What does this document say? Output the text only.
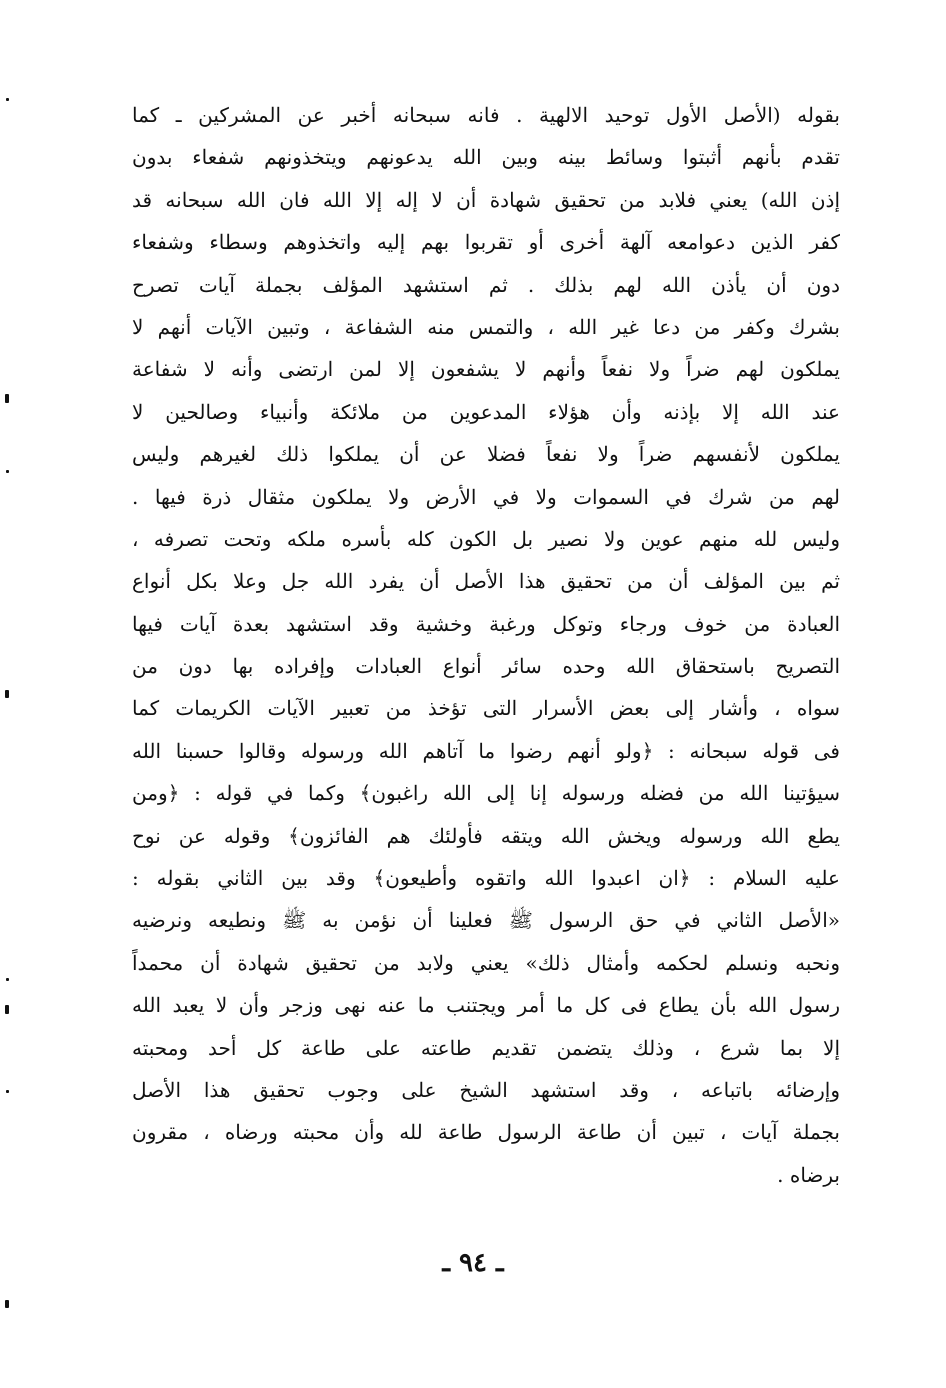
بقوله (الأصل الأول توحيد الالهية . فانه سبحانه أخبر عن المشركين ـ كما
تقدم بأنهم أثبتوا وسائط بينه وبين الله يدعونهم ويتخذونهم شفعاء بدون
إذن الله) يعني فلابد من تحقيق شهادة أن لا إله إلا الله فان الله سبحانه قد
كفر الذين دعوامعه آلهة أخرى أو تقربوا بهم إليه واتخذوهم وسطاء وشفعاء
دون أن يأذن الله لهم بذلك . ثم استشهد المؤلف بجملة آيات تصرح
بشرك وكفر من دعا غير الله ، والتمس منه الشفاعة ، وتبين الآيات أنهم لا
يملكون لهم ضراً ولا نفعاً وأنهم لا يشفعون إلا لمن ارتضى وأنه لا شفاعة
عند الله إلا بإذنه وأن هؤلاء المدعوين من ملائكة وأنبياء وصالحين لا
يملكون لأنفسهم ضراً ولا نفعاً فضلا عن أن يملكوا ذلك لغيرهم وليس
لهم من شرك في السموات ولا في الأرض ولا يملكون مثقال ذرة فيها .
وليس لله منهم عوين ولا نصير بل الكون كله بأسره ملكه وتحت تصرفه ،
ثم بين المؤلف أن من تحقيق هذا الأصل أن يفرد الله جل وعلا بكل أنواع
العبادة من خوف ورجاء وتوكل ورغبة وخشية وقد استشهد بعدة آيات فيها
التصريح باستحقاق الله وحده سائر أنواع العبادات وإفراده بها دون من
سواه ، وأشار إلى بعض الأسرار التى تؤخذ من تعبير الآيات الكريمات كما
فى قوله سبحانه : ﴿ولو أنهم رضوا ما آتاهم الله ورسوله وقالوا حسبنا الله
سيؤتينا الله من فضله ورسوله إنا إلى الله راغبون﴾ وكما في قوله : ﴿ومن
يطع الله ورسوله ويخش الله ويتقه فأولئك هم الفائزون﴾ وقوله عن نوح
عليه السلام : ﴿ان اعبدوا الله واتقوه وأطيعون﴾ وقد بين الثاني بقوله :
«الأصل الثاني في حق الرسول ﷺ فعلينا أن نؤمن به ﷺ ونطيعه ونرضيه
ونحبه ونسلم لحكمه وأمثال ذلك» يعني ولابد من تحقيق شهادة أن محمداً
رسول الله بأن يطاع فى كل ما أمر ويجتنب ما عنه نهى وزجر وأن لا يعبد الله
إلا بما شرع ، وذلك يتضمن تقديم طاعته على طاعة كل أحد ومحبته
وإرضائه باتباعه ، وقد استشهد الشيخ على وجوب تحقيق هذا الأصل
بجملة آيات ، تبين أن طاعة الرسول طاعة لله وأن محبته ورضاه ، مقرون
برضاه .
ـ ٩٤ ـ
